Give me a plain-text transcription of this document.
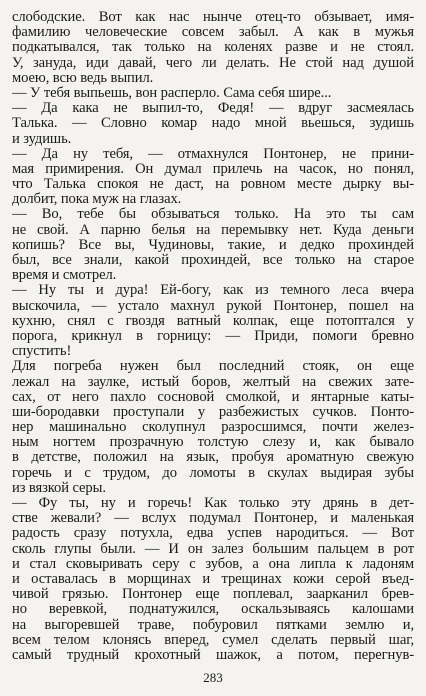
слободские. Вот как нас нынче отец-то обзывает, имя-
фамилию человеческие совсем забыл. А как в мужья
подкатывался, так только на коленях разве и не стоял.
У, зануда, иди давай, чего ли делать. Не стой над душой
моею, всю ведь выпил.
— У тебя выпьешь, вон расперло. Сама себя шире...
— Да кака не выпил-то, Федя! — вдруг засмеялась
Талька. — Словно комар надо мной вьешься, зудишь
и зудишь.
— Да ну тебя, — отмахнулся Понтонер, не прини-
мая примирения. Он думал прилечь на часок, но понял,
что Талька спокоя не даст, на ровном месте дырку вы-
долбит, пока муж на глазах.
— Во, тебе бы обзываться только. На это ты сам
не свой. А парню белья на перемывку нет. Куда деньги
копишь? Все вы, Чудиновы, такие, и дедко прохиндей
был, все знали, какой прохиндей, все только на старое
время и смотрел.
— Ну ты и дура! Ей-богу, как из темного леса вчера
выскочила, — устало махнул рукой Понтонер, пошел на
кухню, снял с гвоздя ватный колпак, еще потоптался у
порога, крикнул в горницу: — Приди, помоги бревно
спустить!
Для погреба нужен был последний стояк, он еще
лежал на заулке, истый боров, желтый на свежих затe-
сах, от него пахло сосновой смолкой, и янтарные каты-
ши-бородавки проступали у разбежистых сучков. Понто-
нер машинально сколупнул разросшимся, почти желез-
ным ногтем прозрачную толстую слезу и, как бывало
в детстве, положил на язык, пробуя ароматную свежую
горечь и с трудом, до ломоты в скулах выдирая зубы
из вязкой серы.
— Фу ты, ну и горечь! Как только эту дрянь в дет-
стве жевали? — вслух подумал Понтонер, и маленькая
радость сразу потухла, едва успев народиться. — Вот
сколь глупы были. — И он залез большим пальцем в рот
и стал сковыривать серу с зубов, а она липла к ладоням
и оставалась в морщинах и трещинах кожи серой въед-
чивой грязью. Понтонер еще поплевал, заарканил брев-
но веревкой, поднатужился, оскальзываясь калошами
на выгоревшей траве, побуровил пятками землю и,
всем телом клонясь вперед, сумел сделать первый шаг,
самый трудный крохотный шажок, а потом, перегнув-
283
